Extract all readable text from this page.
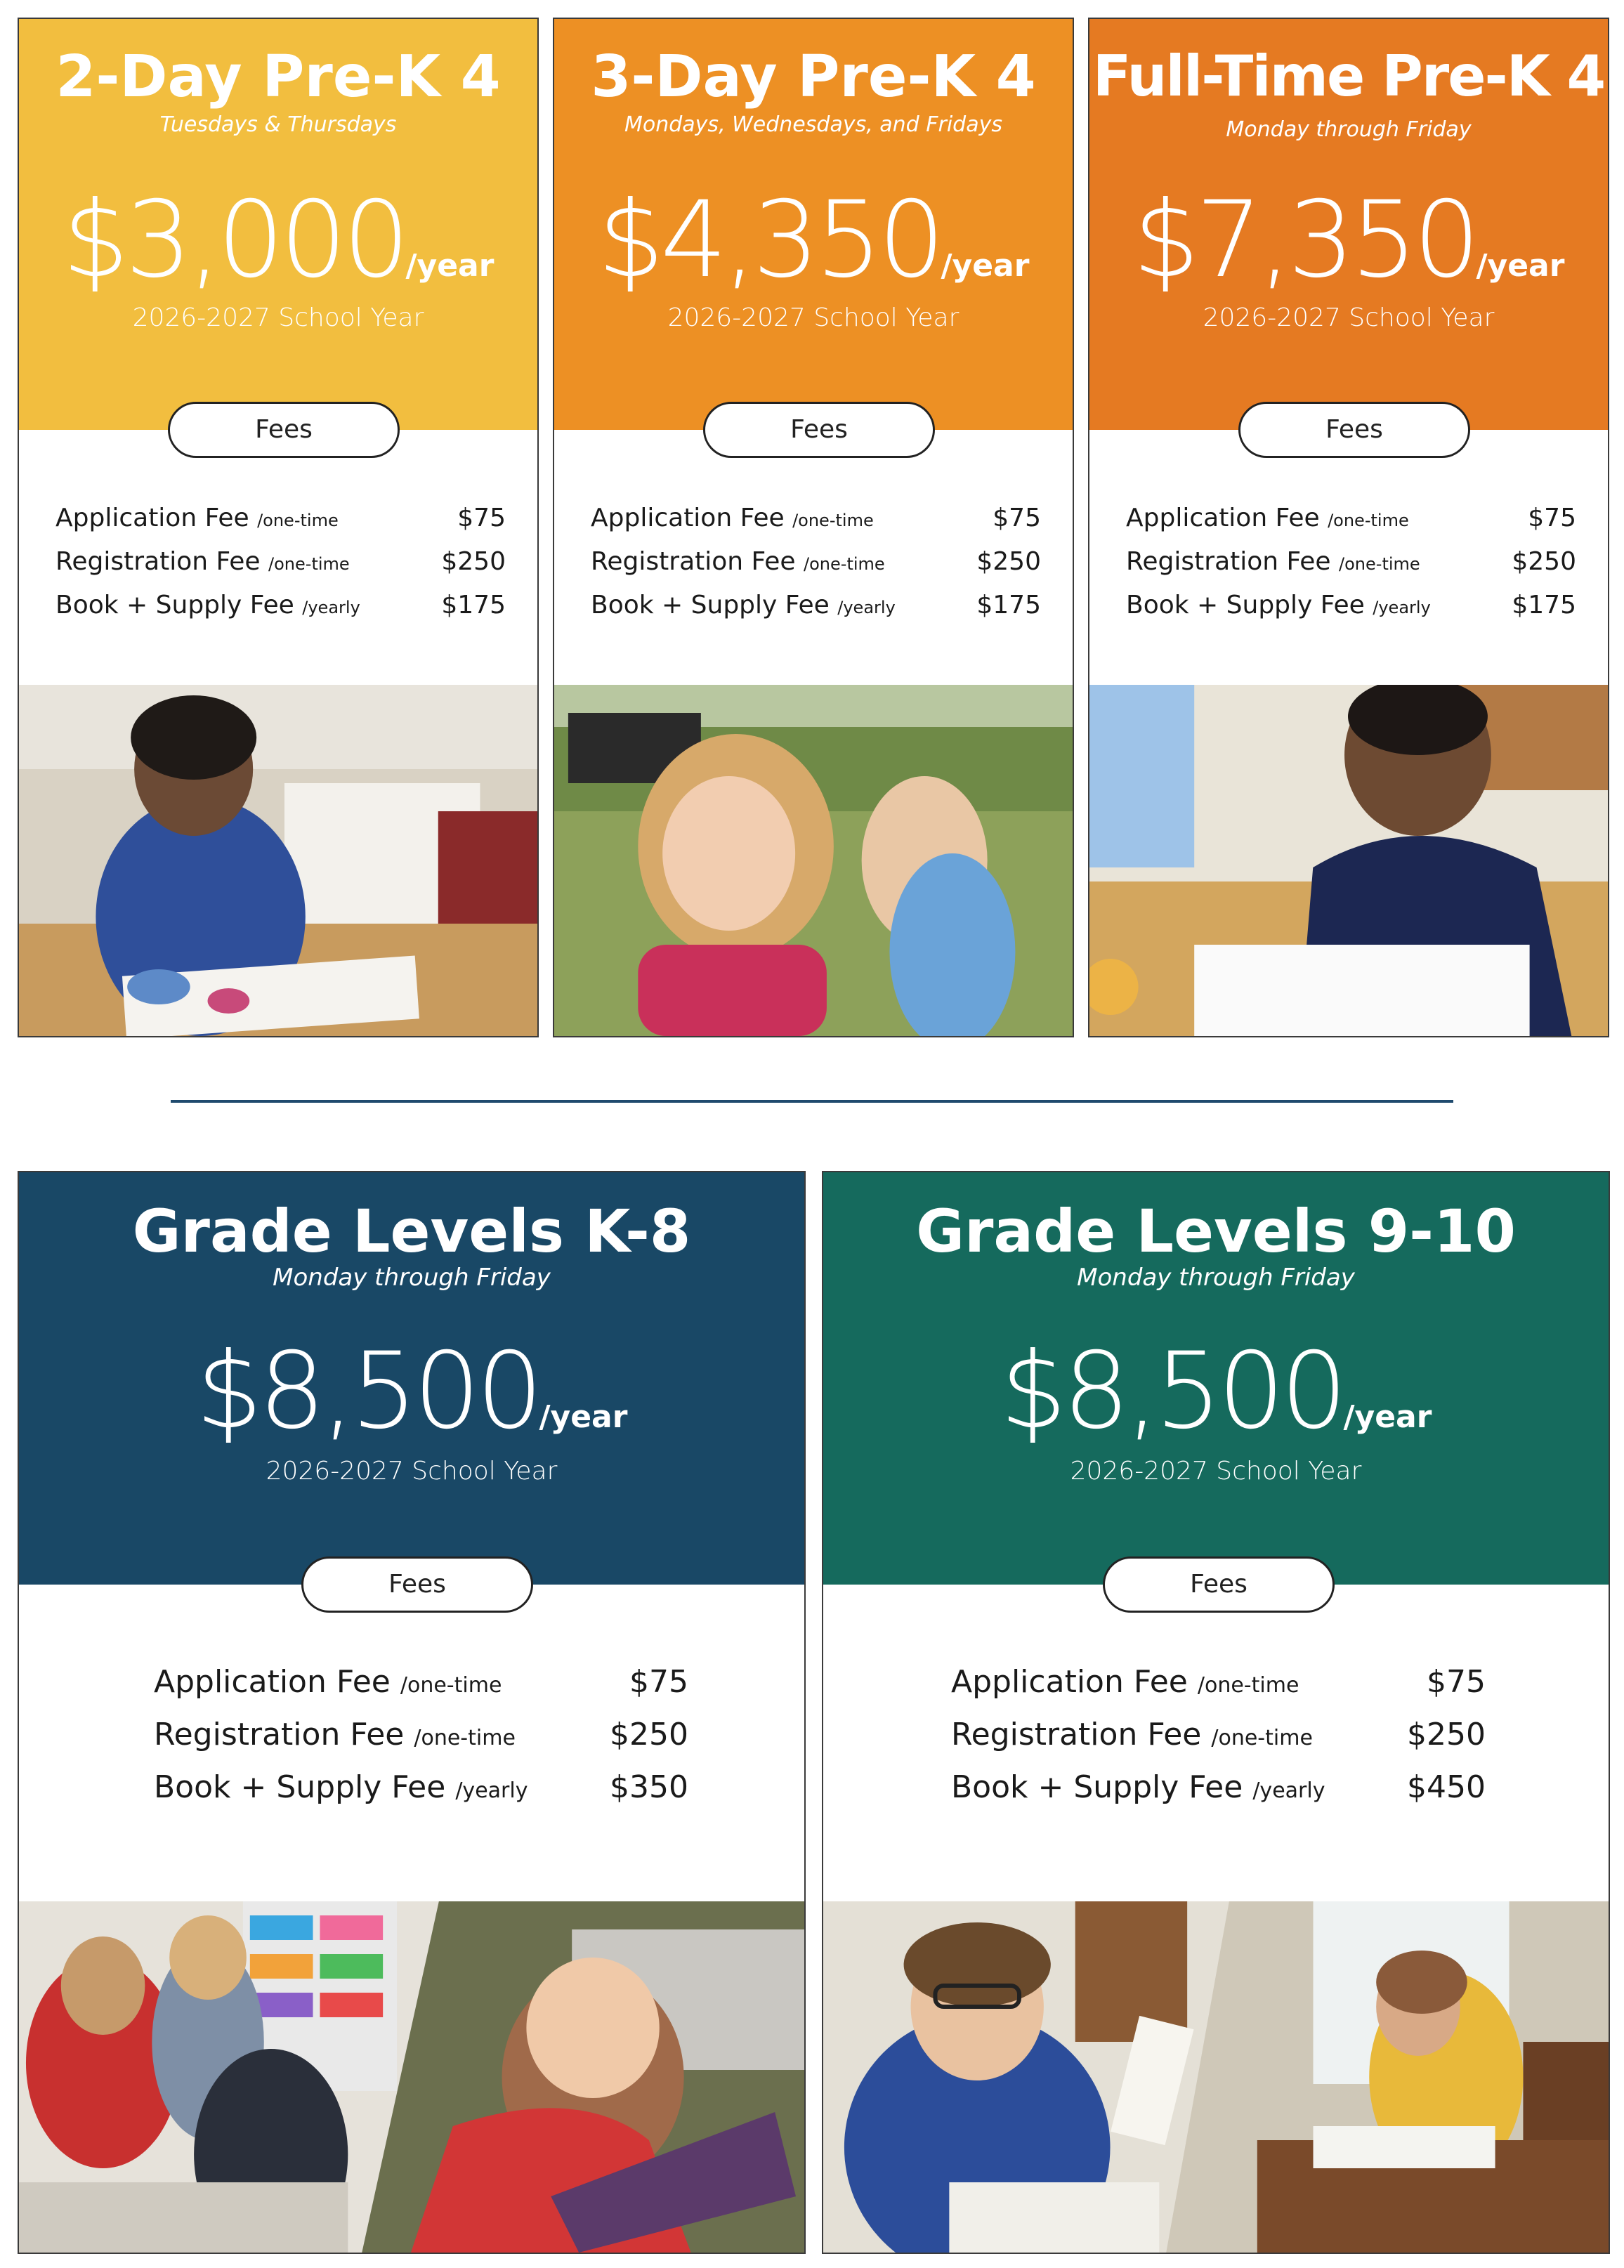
2-Day Pre-K 4
Tuesdays & Thursdays
$3,000/year
2026-2027 School Year
Fees
Application Fee /one-time	$75
Registration Fee /one-time	$250
Book + Supply Fee /yearly	$175
3-Day Pre-K 4
Mondays, Wednesdays, and Fridays
$4,350/year
2026-2027 School Year
Fees
Application Fee /one-time	$75
Registration Fee /one-time	$250
Book + Supply Fee /yearly	$175
Full-Time Pre-K 4
Monday through Friday
$7,350/year
2026-2027 School Year
Fees
Application Fee /one-time	$75
Registration Fee /one-time	$250
Book + Supply Fee /yearly	$175
Grade Levels K-8
Monday through Friday
$8,500/year
2026-2027 School Year
Fees
Application Fee /one-time	$75
Registration Fee /one-time	$250
Book + Supply Fee /yearly	$350
Grade Levels 9-10
Monday through Friday
$8,500/year
2026-2027 School Year
Fees
Application Fee /one-time	$75
Registration Fee /one-time	$250
Book + Supply Fee /yearly	$450
